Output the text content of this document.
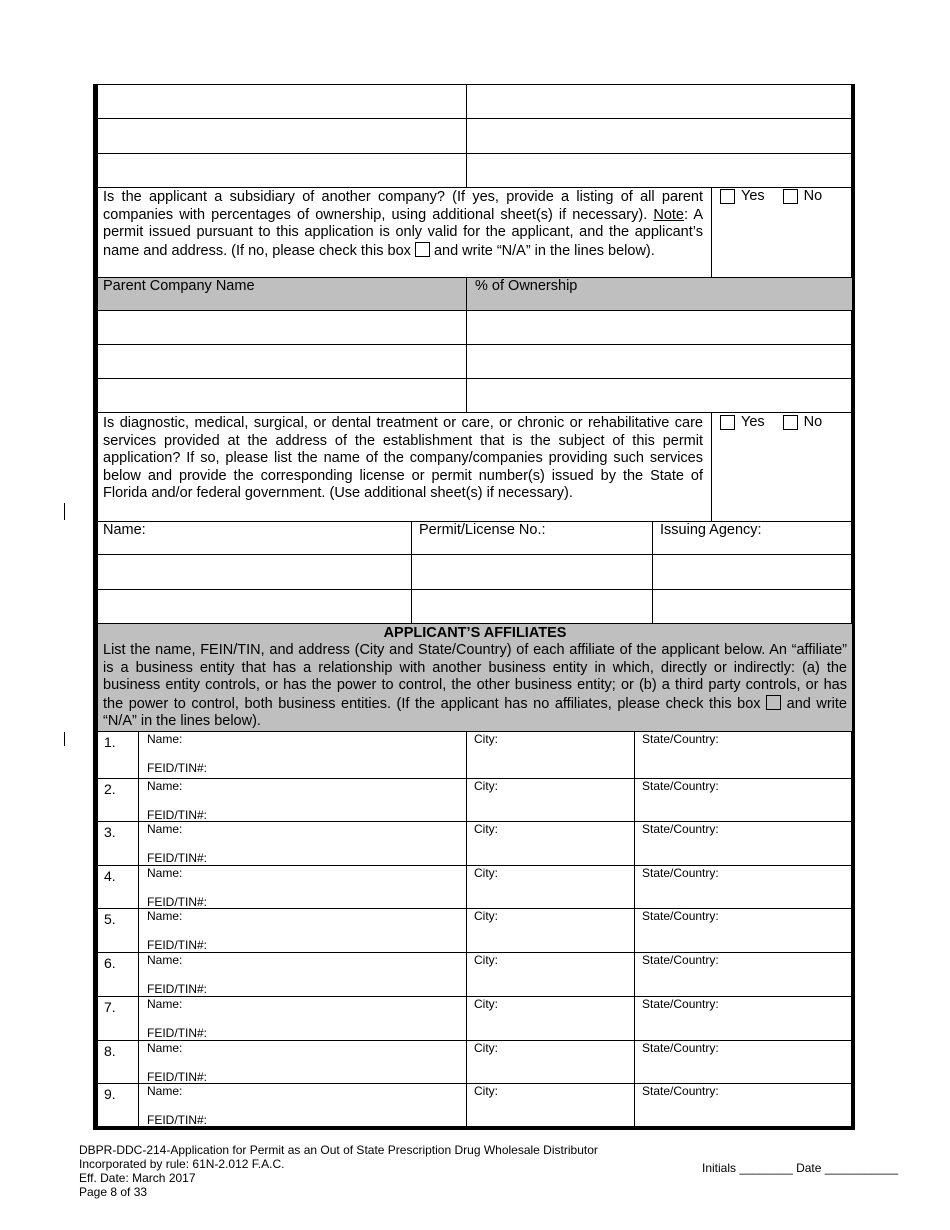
Is the applicant a subsidiary of another company? (If yes, provide a listing of all parent companies with percentages of ownership, using additional sheet(s) if necessary). Note: A permit issued pursuant to this application is only valid for the applicant, and the applicant’s name and address. (If no, please check this box  and write “N/A” in the lines below).
Yes	No
Parent Company Name	% of Ownership
Is diagnostic, medical, surgical, or dental treatment or care, or chronic or rehabilitative care services provided at the address of the establishment that is the subject of this permit application? If so, please list the name of the company/companies providing such services below and provide the corresponding license or permit number(s) issued by the State of Florida and/or federal government. (Use additional sheet(s) if necessary).
Yes	No
Name:	Permit/License No.:	Issuing Agency:
APPLICANT’S AFFILIATES
List the name, FEIN/TIN, and address (City and State/Country) of each affiliate of the applicant below. An “affiliate” is a business entity that has a relationship with another business entity in which, directly or indirectly: (a) the business entity controls, or has the power to control, the other business entity; or (b) a third party controls, or has the power to control, both business entities. (If the applicant has no affiliates, please check this box  and write “N/A” in the lines below).
1.	Name:
FEID/TIN#:
City:	State/Country:
2.	Name:
FEID/TIN#:
City:	State/Country:
3.	Name:
FEID/TIN#:
City:	State/Country:
4.	Name:
FEID/TIN#:
City:	State/Country:
5.	Name:
FEID/TIN#:
City:	State/Country:
6.	Name:
FEID/TIN#:
City:	State/Country:
7.	Name:
FEID/TIN#:
City:	State/Country:
8.	Name:
FEID/TIN#:
City:	State/Country:
9.	Name:
FEID/TIN#:
City:	State/Country:
DBPR-DDC-214-Application for Permit as an Out of State Prescription Drug Wholesale Distributor
Incorporated by rule: 61N-2.012 F.A.C.
Eff. Date: March 2017
Page 8 of 33
Initials ________ Date ___________
